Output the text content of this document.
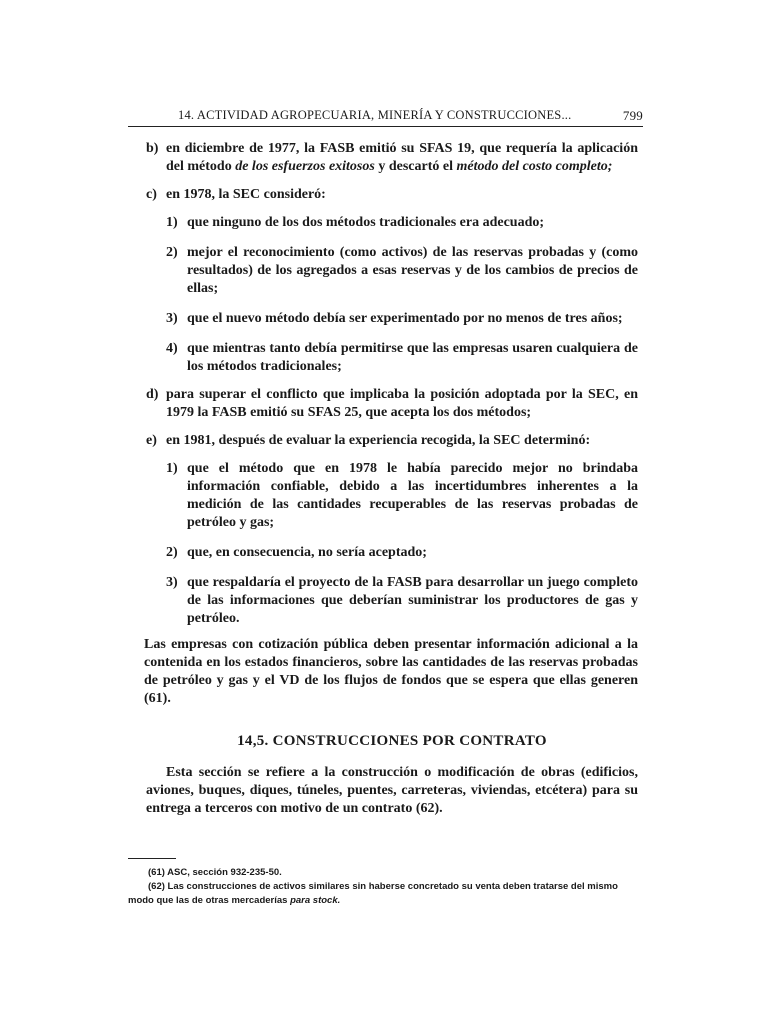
14. ACTIVIDAD AGROPECUARIA, MINERÍA Y CONSTRUCCIONES...	799
b) en diciembre de 1977, la FASB emitió su SFAS 19, que requería la aplicación del método de los esfuerzos exitosos y descartó el método del costo completo;
c) en 1978, la SEC consideró:
1) que ninguno de los dos métodos tradicionales era adecuado;
2) mejor el reconocimiento (como activos) de las reservas probadas y (como resultados) de los agregados a esas reservas y de los cambios de precios de ellas;
3) que el nuevo método debía ser experimentado por no menos de tres años;
4) que mientras tanto debía permitirse que las empresas usaren cualquiera de los métodos tradicionales;
d) para superar el conflicto que implicaba la posición adoptada por la SEC, en 1979 la FASB emitió su SFAS 25, que acepta los dos métodos;
e) en 1981, después de evaluar la experiencia recogida, la SEC determinó:
1) que el método que en 1978 le había parecido mejor no brindaba información confiable, debido a las incertidumbres inherentes a la medición de las cantidades recuperables de las reservas probadas de petróleo y gas;
2) que, en consecuencia, no sería aceptado;
3) que respaldaría el proyecto de la FASB para desarrollar un juego completo de las informaciones que deberían suministrar los productores de gas y petróleo.

Las empresas con cotización pública deben presentar información adicional a la contenida en los estados financieros, sobre las cantidades de las reservas probadas de petróleo y gas y el VD de los flujos de fondos que se espera que ellas generen (61).

14,5. CONSTRUCCIONES POR CONTRATO

Esta sección se refiere a la construcción o modificación de obras (edificios, aviones, buques, diques, túneles, puentes, carreteras, viviendas, etcétera) para su entrega a terceros con motivo de un contrato (62).

(61) ASC, sección 932-235-50.
(62) Las construcciones de activos similares sin haberse concretado su venta deben tratarse del mismo modo que las de otras mercaderías para stock.
